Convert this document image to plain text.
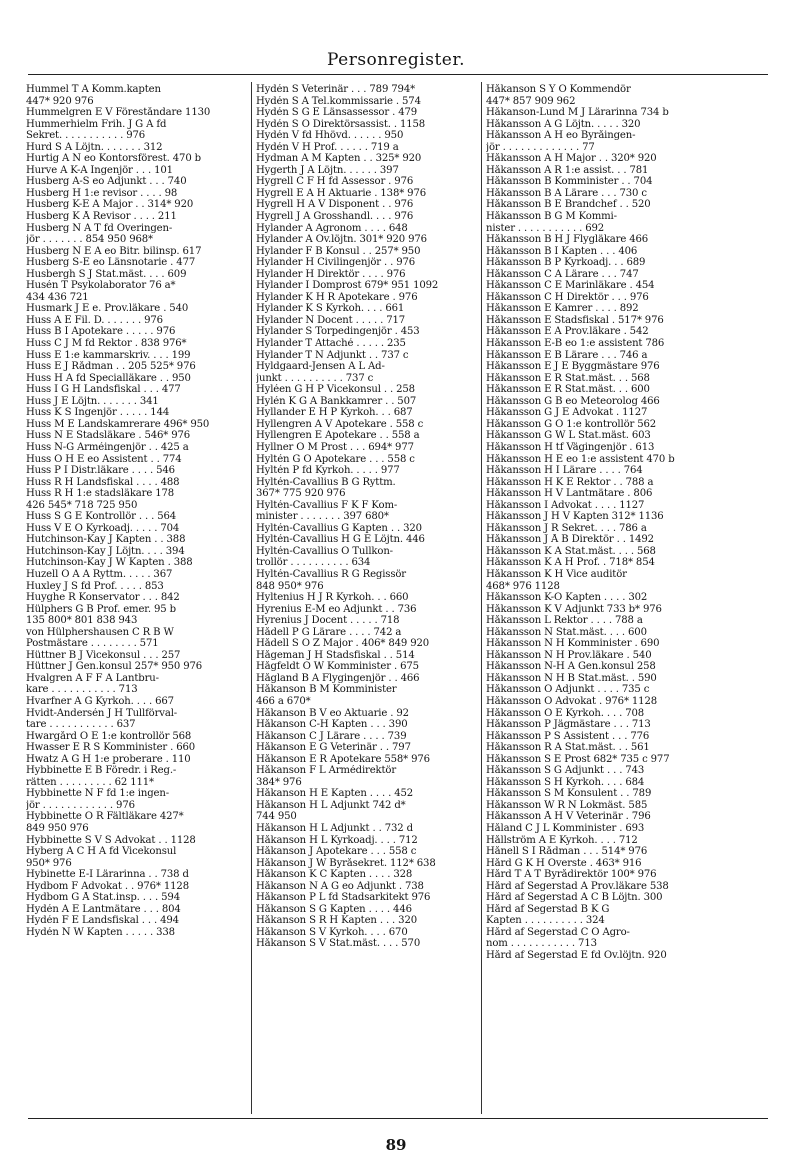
Personregister.
Hummel T A Komm.kapten
447* 920 976
Hummelgren E V Föreståndare 1130
Hummerhielm Frih. J G A fd
Sekret. . . . . . . . . . . 976
Hurd S A Löjtn. . . . . . . 312
Hurtig A N eo Kontorsförest. 470 b
Hurve A K-A Ingenjör . . . 101
Husberg A-S eo Adjunkt . . . 740
Husberg H 1:e revisor . . . . 98
Husberg K-E A Major . . 314* 920
Husberg K Å Revisor . . . . 211
Husberg N A T fd Överingen-
jör . . . . . . . 854 950 968*
Husberg N E A eo Bitr. bilinsp. 617
Husberg S-E eo Länsnotarie . 477
Husbergh S J Stat.mäst. . . . 609
Husén T Psykolaborator 76 a*
434 436 721
Husmark J E e. Prov.läkare . 540
Huss A E Fil. D. . . . . . . 976
Huss B I Apotekare . . . . . 976
Huss C J M fd Rektor . 838 976*
Huss E 1:e kammarskriv. . . . 199
Huss E J Rådman . . 205 525* 976
Huss H A fd Specialläkare . . 950
Huss I G H Landsfiskal . . . 477
Huss J E Löjtn. . . . . . . 341
Huss K S Ingenjör . . . . . 144
Huss M E Landskamrerare 496* 950
Huss N E Stadsläkare . 546* 976
Huss N-G Arméingenjör . . 425 a
Huss O H E eo Assistent . . 774
Huss P I Distr.läkare . . . . 546
Huss R H Landsfiskal . . . . 488
Huss R H 1:e stadsläkare 178
426 545* 718 725 950
Huss S G E Kontrollör . . . 564
Huss V E O Kyrkoadj. . . . . 704
Hutchinson-Kay J Kapten . . 388
Hutchinson-Kay J Löjtn. . . . 394
Hutchinson-Kay J W Kapten . 388
Huzell O A A Ryttm. . . . . 367
Huxley J S fd Prof. . . . . 853
Huyghe R Konservator . . . 842
Hülphers G B Prof. emer. 95 b
135 800* 801 838 943
von Hülphershausen C R B W
Postmästare . . . . . . . . 571
Hüttner B J Vicekonsul . . . 257
Hüttner J Gen.konsul 257* 950 976
Hvalgren A F F A Lantbru-
kare . . . . . . . . . . . 713
Hvarfner A G Kyrkoh. . . . 667
Hvidt-Andersén J H Tullförval-
tare . . . . . . . . . . . 637
Hwargård O E 1:e kontrollör 568
Hwasser E R S Komminister . 660
Hwatz A G H 1:e proberare . 110
Hybbinette E B Föredr. i Reg.-
rätten . . . . . . . . . 62 111*
Hybbinette N F fd 1:e ingen-
jör . . . . . . . . . . . . 976
Hybbinette O R Fältläkare 427*
849 950 976
Hybbinette S V S Advokat . . 1128
Hyberg A C H A fd Vicekonsul
950* 976
Hybinette E-I Lärarinna . . 738 d
Hydbom F Advokat . . 976* 1128
Hydbom G Å Stat.insp. . . . 594
Hydén A E Lantmätare . . . 804
Hydén F E Landsfiskal . . . 494
Hydén N W Kapten . . . . . 338
Hydén S Veterinär . . . 789 794*
Hydén S A Tel.kommissarie . 574
Hydén S G E Länsassessor . 479
Hydén S O Direktörsassist. . 1158
Hydén V fd Hhövd. . . . . . 950
Hydén V H Prof. . . . . . 719 a
Hydman A M Kapten . . 325* 920
Hygerth J A Löjtn. . . . . . 397
Hygrell C F H fd Assessor . 976
Hygrell E A H Aktuarie . 138* 976
Hygrell H A V Disponent . . 976
Hygrell J A Grosshandl. . . . 976
Hylander A Agronom . . . . 648
Hylander A Öv.löjtn. 301* 920 976
Hylander F B Konsul . . 257* 950
Hylander H Civilingenjör . . 976
Hylander H Direktör . . . . 976
Hylander I Domprost 679* 951 1092
Hylander K H R Apotekare . 976
Hylander K S Kyrkoh. . . . 661
Hylander N Docent . . . . . 717
Hylander S Torpedingenjör . 453
Hylander T Attaché . . . . . 235
Hylander T N Adjunkt . . 737 c
Hyldgaard-Jensen A L Ad-
junkt . . . . . . . . . . 737 c
Hyléen G H P Vicekonsul . . 258
Hylén K G A Bankkamrer . . 507
Hyllander E H P Kyrkoh. . . 687
Hyllengren A V Apotekare . 558 c
Hyllengren E Apotekare . . 558 a
Hyllner O M Prost . . . 694* 977
Hyltén G O Apotekare . . . 558 c
Hyltén P fd Kyrkoh. . . . . 977
Hyltén-Cavallius B G Ryttm.
367* 775 920 976
Hyltén-Cavallius F K F Kom-
minister . . . . . . . 397 680*
Hyltén-Cavallius G Kapten . . 320
Hyltén-Cavallius H G E Löjtn. 446
Hyltén-Cavallius O Tullkon-
trollör . . . . . . . . . . 634
Hyltén-Cavallius R G Regissör
848 950* 976
Hyltenius H J R Kyrkoh. . . 660
Hyrenius E-M eo Adjunkt . . 736
Hyrenius J Docent . . . . . 718
Hådell P G Lärare . . . . 742 a
Hådell S O Z Major . 406* 849 920
Hågeman J H Stadsfiskal . . 514
Hågfeldt O W Komminister . 675
Hågland B A Flygingenjör . . 466
Håkanson B M Komminister
466 a 670*
Håkanson B V eo Aktuarie . 92
Håkanson C-H Kapten . . . 390
Håkanson C J Lärare . . . . 739
Håkanson E G Veterinär . . 797
Håkanson E R Apotekare 558* 976
Håkanson F L Armédirektör
384* 976
Håkanson H E Kapten . . . . 452
Håkanson H L Adjunkt 742 d*
744 950
Håkanson H L Adjunkt . . 732 d
Håkanson H L Kyrkoadj. . . . 712
Håkanson J Apotekare . . . 558 c
Håkanson J W Byråsekret. 112* 638
Håkanson K C Kapten . . . . 328
Håkanson N A G eo Adjunkt . 738
Håkanson P L fd Stadsarkitekt 976
Håkanson S G Kapten . . . . 446
Håkanson S R H Kapten . . . 320
Håkanson S V Kyrkoh. . . . 670
Håkanson S V Stat.mäst. . . . 570
Håkanson S Y O Kommendör
447* 857 909 962
Håkanson-Lund M J Lärarinna 734 b
Håkansson A G Löjtn. . . . . 320
Håkansson A H eo Byråingen-
jör . . . . . . . . . . . . . 77
Håkansson A H Major . . 320* 920
Håkansson A R 1:e assist. . . 781
Håkansson B Komminister . . 704
Håkansson B A Lärare . . . 730 c
Håkansson B E Brandchef . . 520
Håkansson B G M Kommi-
nister . . . . . . . . . . . 692
Håkansson B H J Flygläkare 466
Håkansson B I Kapten . . . 406
Håkansson B P Kyrkoadj. . . 689
Håkansson C A Lärare . . . 747
Håkansson C E Marinläkare . 454
Håkansson C H Direktör . . . 976
Håkansson E Kamrer . . . . 892
Håkansson E Stadsfiskal . 517* 976
Håkansson E A Prov.läkare . 542
Håkansson E-B eo 1:e assistent 786
Håkansson E B Lärare . . . 746 a
Håkansson E J E Byggmästare 976
Håkansson E R Stat.mäst. . . 568
Håkansson E R Stat.mäst. . . 600
Håkansson G B eo Meteorolog 466
Håkansson G J E Advokat . 1127
Håkansson G O 1:e kontrollör 562
Håkansson G W L Stat.mäst. 603
Håkansson H tf Vägingenjör . 613
Håkansson H E eo 1:e assistent 470 b
Håkansson H I Lärare . . . . 764
Håkansson H K E Rektor . . 788 a
Håkansson H V Lantmätare . 806
Håkansson I Advokat . . . . 1127
Håkansson J H V Kapten 312* 1136
Håkansson J R Sekret. . . . 786 a
Håkansson J Å B Direktör . . 1492
Håkansson K A Stat.mäst. . . . 568
Håkansson K A H Prof. . 718* 854
Håkansson K H Vice auditör
468* 976 1128
Håkansson K-O Kapten . . . . 302
Håkansson K V Adjunkt 733 b* 976
Håkansson L Rektor . . . . 788 a
Håkansson N Stat.mäst. . . . 600
Håkansson N H Komminister . 690
Håkansson N H Prov.läkare . 540
Håkansson N-H A Gen.konsul 258
Håkansson N H B Stat.mäst. . 590
Håkansson O Adjunkt . . . . 735 c
Håkansson O Advokat . 976* 1128
Håkansson O E Kyrkoh. . . . 708
Håkansson P Jägmästare . . . 713
Håkansson P S Assistent . . . 776
Håkansson R A Stat.mäst. . . 561
Håkansson S E Prost 682* 735 c 977
Håkansson S G Adjunkt . . . 743
Håkansson S H Kyrkoh. . . . 684
Håkansson S M Konsulent . . 789
Håkansson W R N Lokmäst. 585
Håkansson Å H V Veterinär . 796
Håland C J L Komminister . 693
Hållström A E Kyrkoh. . . . 712
Hånell S I Rådman . . . 514* 976
Hård G K H Överste . 463* 916
Hård T A T Byrådirektör 100* 976
Hård af Segerstad A Prov.läkare 538
Hård af Segerstad A C B Löjtn. 300
Hård af Segerstad B K G
Kapten . . . . . . . . . . 324
Hård af Segerstad C O Agro-
nom . . . . . . . . . . . 713
Hård af Segerstad E fd Öv.löjtn. 920
89
